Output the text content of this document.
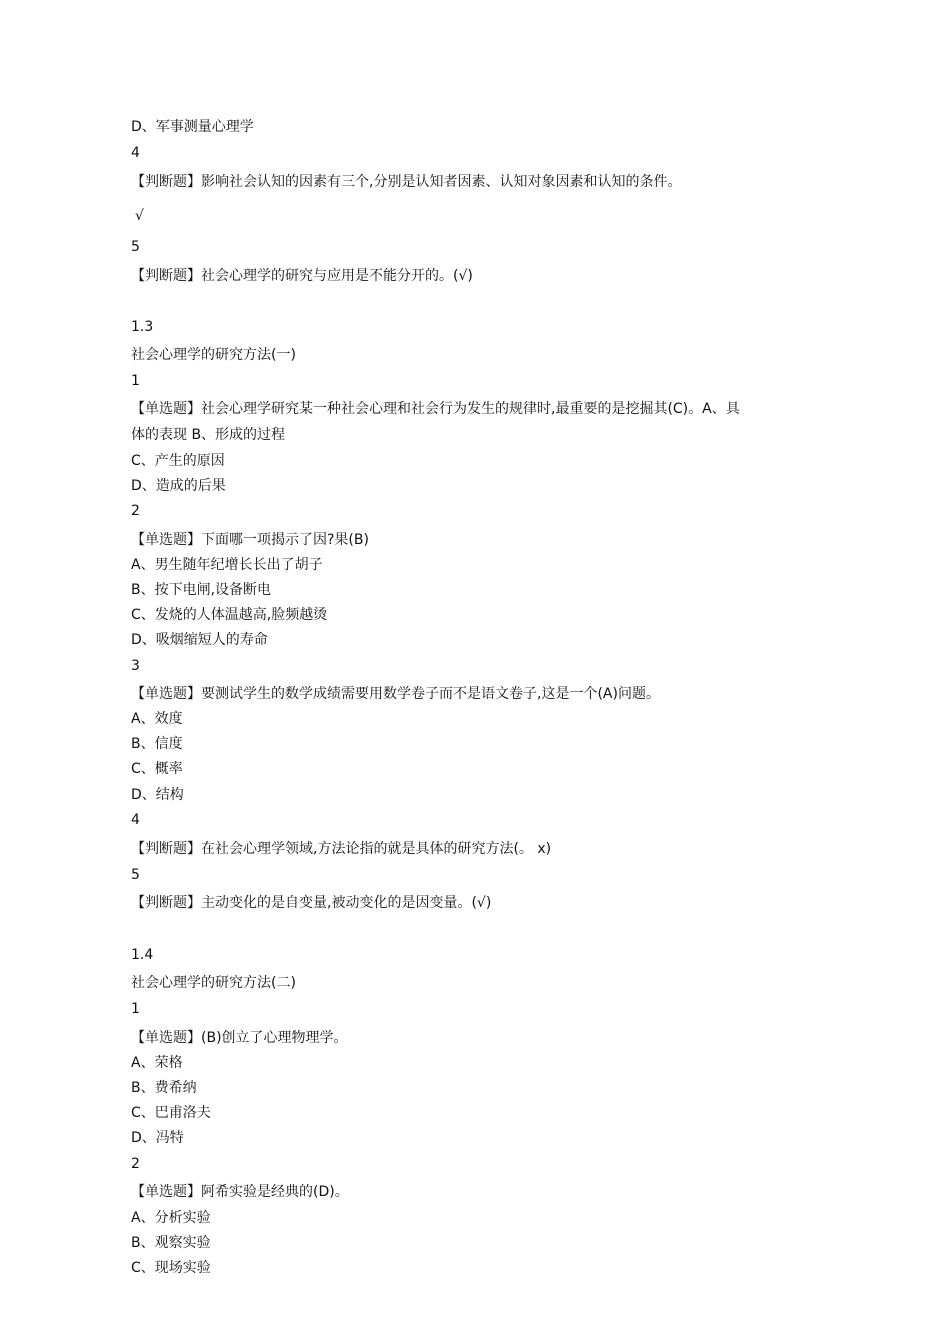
D、军事测量心理学
4
【判断题】影响社会认知的因素有三个,分别是认知者因素、认知对象因素和认知的条件。
√
5
【判断题】社会心理学的研究与应用是不能分开的。(√)
1.3
社会心理学的研究方法(一)
1
【单选题】社会心理学研究某一种社会心理和社会行为发生的规律时,最重要的是挖掘其(C)。A、具
体的表现 B、形成的过程
C、产生的原因
D、造成的后果
2
【单选题】下面哪一项揭示了因?果(B)
A、男生随年纪增长长出了胡子
B、按下电闸,设备断电
C、发烧的人体温越高,脸频越烫
D、吸烟缩短人的寿命
3
【单选题】要测试学生的数学成绩需要用数学卷子而不是语文卷子,这是一个(A)问题。
A、效度
B、信度
C、概率
D、结构
4
【判断题】在社会心理学领域,方法论指的就是具体的研究方法(。 x)
5
【判断题】主动变化的是自变量,被动变化的是因变量。(√)
1.4
社会心理学的研究方法(二)
1
【单选题】(B)创立了心理物理学。
A、荣格
B、费希纳
C、巴甫洛夫
D、冯特
2
【单选题】阿希实验是经典的(D)。
A、分析实验
B、观察实验
C、现场实验
